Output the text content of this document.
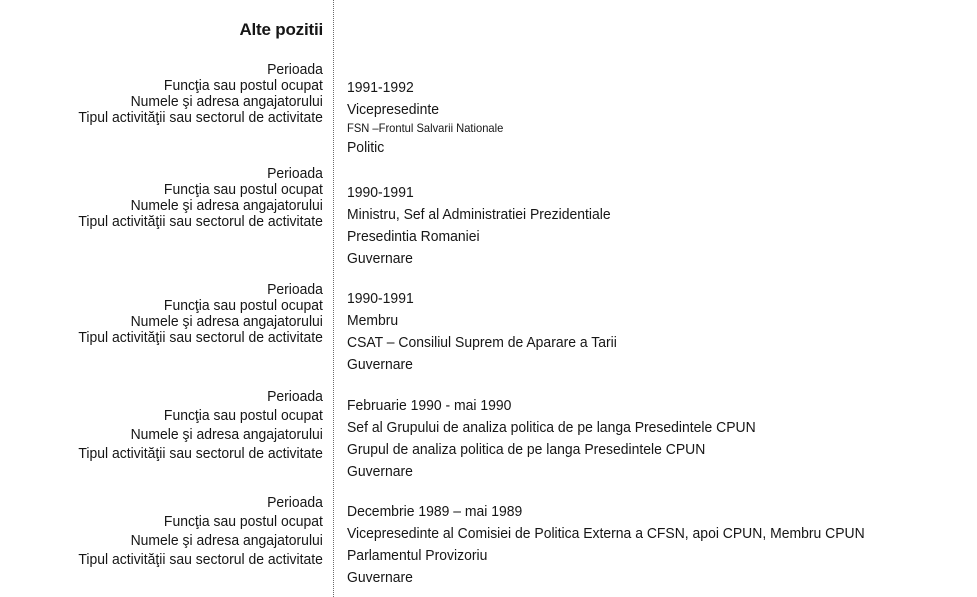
Alte pozitii
Perioada
Funcţia sau postul ocupat
Numele şi adresa angajatorului
Tipul activităţii sau sectorul de activitate
1991-1992
Vicepresedinte
FSN –Frontul Salvarii Nationale
Politic
Perioada
Funcţia sau postul ocupat
Numele şi adresa angajatorului
Tipul activităţii sau sectorul de activitate
1990-1991
Ministru, Sef al Administratiei Prezidentiale
Presedintia Romaniei
Guvernare
Perioada
Funcţia sau postul ocupat
Numele şi adresa angajatorului
Tipul activităţii sau sectorul de activitate
1990-1991
Membru
CSAT – Consiliul Suprem de Aparare a Tarii
Guvernare
Perioada
Funcţia sau postul ocupat
Numele şi adresa angajatorului
Tipul activităţii sau sectorul de activitate
Februarie 1990 - mai 1990
Sef al Grupului de analiza politica de pe langa Presedintele CPUN
Grupul de analiza politica de pe langa Presedintele CPUN
Guvernare
Perioada
Funcţia sau postul ocupat
Numele şi adresa angajatorului
Tipul activităţii sau sectorul de activitate
Decembrie 1989 – mai 1989
Vicepresedinte al Comisiei de Politica Externa a CFSN, apoi CPUN, Membru CPUN
Parlamentul Provizoriu
Guvernare
